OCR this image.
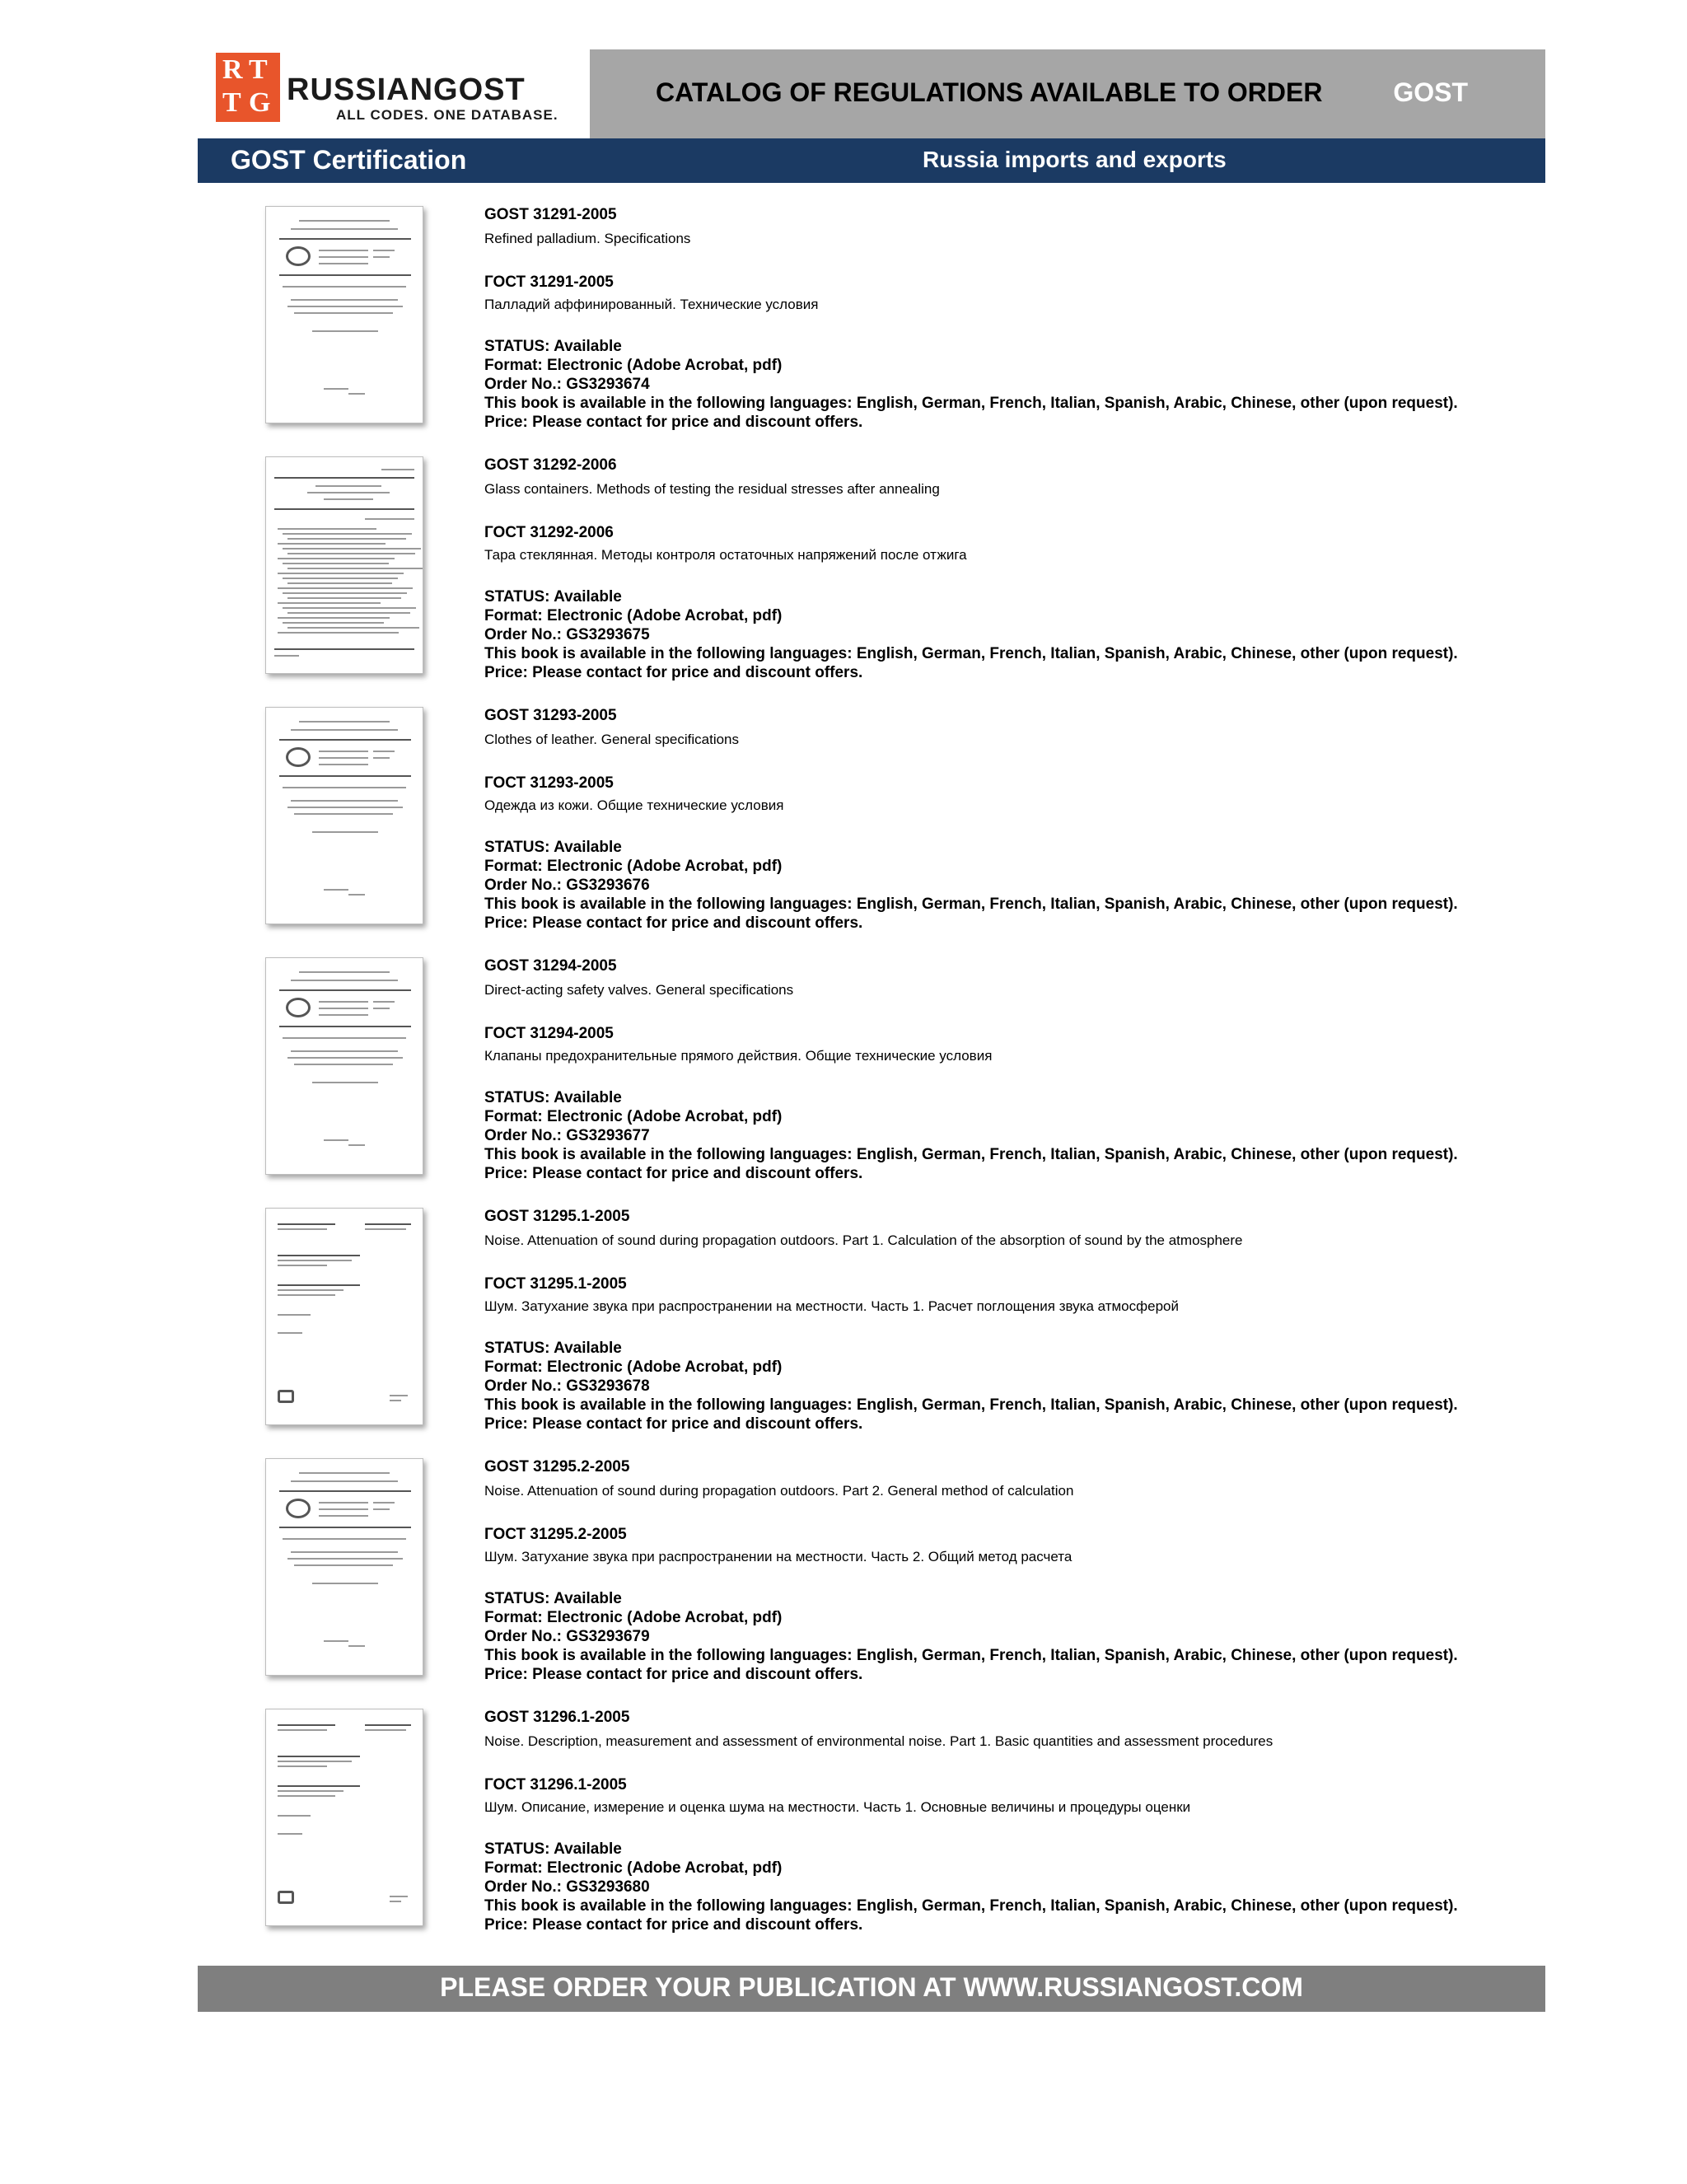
R T
T G RUSSIANGOST
ALL CODES. ONE DATABASE.
CATALOG OF REGULATIONS AVAILABLE TO ORDER	GOST
GOST Certification	Russia imports and exports
GOST 31291-2005
Refined palladium. Specifications
ГОСТ 31291-2005
Палладий аффинированный. Технические условия
STATUS: Available
Format: Electronic (Adobe Acrobat, pdf)
Order No.: GS3293674
This book is available in the following languages: English, German, French, Italian, Spanish, Arabic, Chinese, other (upon request).
Price: Please contact for price and discount offers.
GOST 31292-2006
Glass containers. Methods of testing the residual stresses after annealing
ГОСТ 31292-2006
Тара стеклянная. Методы контроля остаточных напряжений после отжига
STATUS: Available
Format: Electronic (Adobe Acrobat, pdf)
Order No.: GS3293675
This book is available in the following languages: English, German, French, Italian, Spanish, Arabic, Chinese, other (upon request).
Price: Please contact for price and discount offers.
GOST 31293-2005
Clothes of leather. General specifications
ГОСТ 31293-2005
Одежда из кожи. Общие технические условия
STATUS: Available
Format: Electronic (Adobe Acrobat, pdf)
Order No.: GS3293676
This book is available in the following languages: English, German, French, Italian, Spanish, Arabic, Chinese, other (upon request).
Price: Please contact for price and discount offers.
GOST 31294-2005
Direct-acting safety valves. General specifications
ГОСТ 31294-2005
Клапаны предохранительные прямого действия. Общие технические условия
STATUS: Available
Format: Electronic (Adobe Acrobat, pdf)
Order No.: GS3293677
This book is available in the following languages: English, German, French, Italian, Spanish, Arabic, Chinese, other (upon request).
Price: Please contact for price and discount offers.
GOST 31295.1-2005
Noise. Attenuation of sound during propagation outdoors. Part 1. Calculation of the absorption of sound by the atmosphere
ГОСТ 31295.1-2005
Шум. Затухание звука при распространении на местности. Часть 1. Расчет поглощения звука атмосферой
STATUS: Available
Format: Electronic (Adobe Acrobat, pdf)
Order No.: GS3293678
This book is available in the following languages: English, German, French, Italian, Spanish, Arabic, Chinese, other (upon request).
Price: Please contact for price and discount offers.
GOST 31295.2-2005
Noise. Attenuation of sound during propagation outdoors. Part 2. General method of calculation
ГОСТ 31295.2-2005
Шум. Затухание звука при распространении на местности. Часть 2. Общий метод расчета
STATUS: Available
Format: Electronic (Adobe Acrobat, pdf)
Order No.: GS3293679
This book is available in the following languages: English, German, French, Italian, Spanish, Arabic, Chinese, other (upon request).
Price: Please contact for price and discount offers.
GOST 31296.1-2005
Noise. Description, measurement and assessment of environmental noise. Part 1. Basic quantities and assessment procedures
ГОСТ 31296.1-2005
Шум. Описание, измерение и оценка шума на местности. Часть 1. Основные величины и процедуры оценки
STATUS: Available
Format: Electronic (Adobe Acrobat, pdf)
Order No.: GS3293680
This book is available in the following languages: English, German, French, Italian, Spanish, Arabic, Chinese, other (upon request).
Price: Please contact for price and discount offers.
PLEASE ORDER YOUR PUBLICATION AT WWW.RUSSIANGOST.COM
